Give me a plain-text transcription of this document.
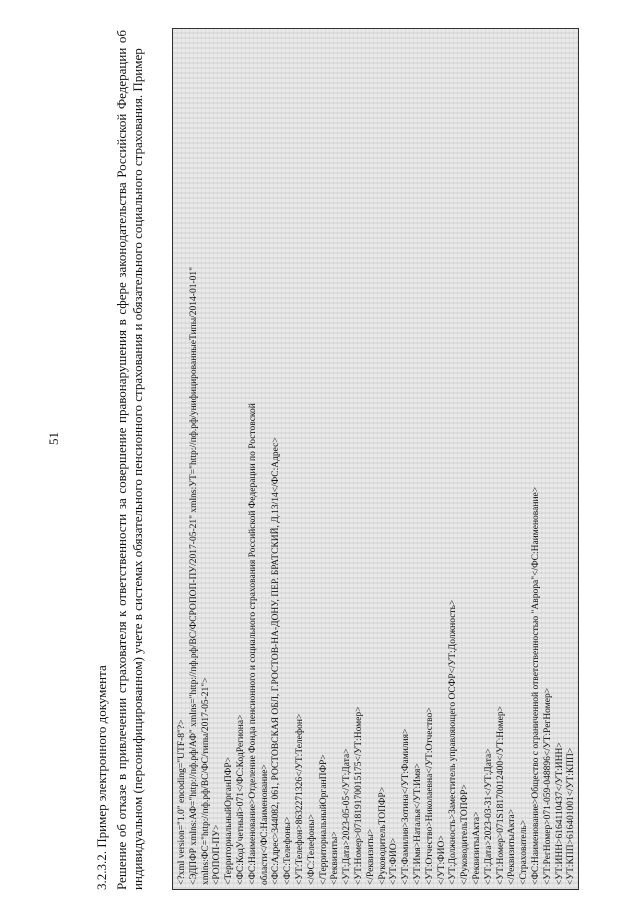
51
3.2.3.2. Пример электронного документа Решение об отказе в привлечении страхователя к ответственности за совершение правонарушения в сфере законодательства Российской Федерации об индивидуальном (персонифицированном) учете в системах обязательного пенсионного страхования и обязательного социального страхования. Пример	<?xml version="1.0" encoding="UTF-8"?> <ЭДПФР xmlns:АФ="http://пф.рф/АФ" xmlns="http://пф.рф/ВС/ФСРОПОП-ПУ/2017-05-21" xmlns:УТ="http://пф.рф/унифицированныеТипы/2014-01-01" xmlns:ФС="http://пф.рф/ВС/ФС/типы/2017-05-21"> <РОПОП-ПУ> <ТерриториальныйОрганПФР> <ФС:КодУчетный>071</ФС:КодРегиона> <ФС:Наименование>Отделение Фонда пенсионного и социального страхования Российской Федерации по Ростовской области</ФС:Наименование> <ФС:Адрес>344082, 061, РОСТОВСКАЯ ОБЛ, Г.РОСТОВ-НА-ДОНУ, ПЕР. БРАТСКИЙ, Д.13/14</ФС:Адрес> <ФС:Телефоны> <УТ:Телефон>8632271326</УТ:Телефон> </ФС:Телефоны> </ТерриториальныйОрганПФР> <Реквизиты> <УТ:Дата>2023-05-05</УТ:Дата> <УТ:Номер>071819170015175</УТ:Номер> </Реквизиты> <РуководительТОПФР> <УТ:ФИО> <УТ:Фамилия>Зотина</УТ:Фамилия> <УТ:Имя>Наталья</УТ:Имя> <УТ:Отчество>Николаевна</УТ:Отчество> </УТ:ФИО> <УТ:Должность>Заместитель управляющего ОСФР</УТ:Должность> </РуководительТОПФР> <РеквизитыАкта> <УТ:Дата>2023-03-31</УТ:Дата> <УТ:Номер>071S18170012400</УТ:Номер> </РеквизитыАкта> <Страхователь> <ФС:Наименование>Общество с ограниченной ответственностью "Аврора"</ФС:Наименование> <УТ:РегНомер>071-059-048896</УТ:РегНомер> <УТ:ИНН>6164110437</УТ:ИНН> <УТ:КПП>616401001</УТ:КПП>
